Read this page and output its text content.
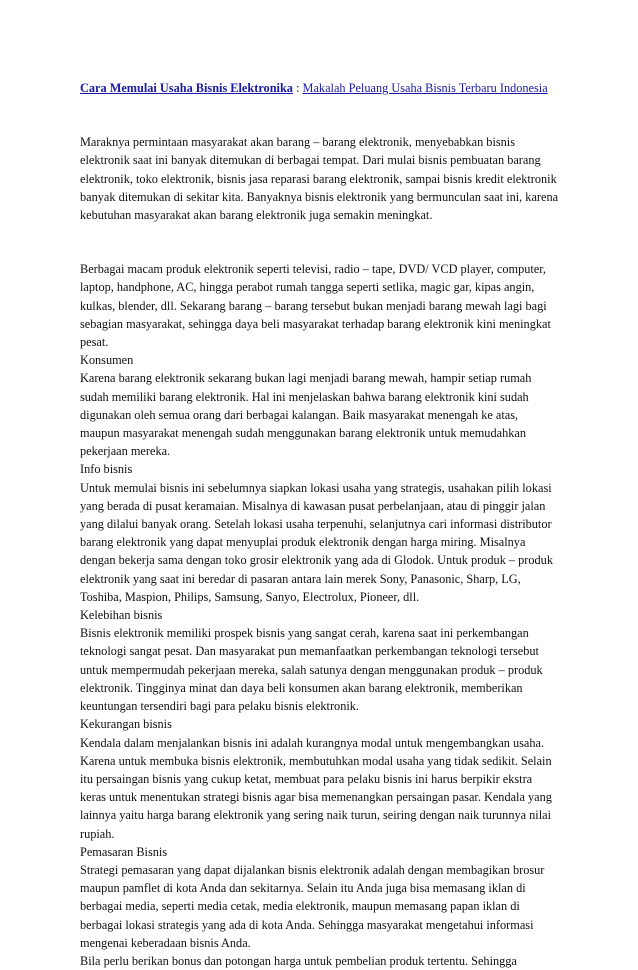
Cara Memulai Usaha Bisnis Elektronika : Makalah Peluang Usaha Bisnis Terbaru Indonesia

Maraknya permintaan masyarakat akan barang – barang elektronik, menyebabkan bisnis elektronik saat ini banyak ditemukan di berbagai tempat. Dari mulai bisnis pembuatan barang elektronik, toko elektronik, bisnis jasa reparasi barang elektronik, sampai bisnis kredit elektronik banyak ditemukan di sekitar kita. Banyaknya bisnis elektronik yang bermunculan saat ini, karena kebutuhan masyarakat akan barang elektronik juga semakin meningkat.

Berbagai macam produk elektronik seperti televisi, radio – tape, DVD/ VCD player, computer, laptop, handphone, AC, hingga perabot rumah tangga seperti setlika, magic gar, kipas angin, kulkas, blender, dll. Sekarang barang – barang tersebut bukan menjadi barang mewah lagi bagi sebagian masyarakat, sehingga daya beli masyarakat terhadap barang elektronik kini meningkat pesat.

Konsumen

Karena barang elektronik sekarang bukan lagi menjadi barang mewah, hampir setiap rumah sudah memiliki barang elektronik. Hal ini menjelaskan bahwa barang elektronik kini sudah digunakan oleh semua orang dari berbagai kalangan. Baik masyarakat menengah ke atas, maupun masyarakat menengah sudah menggunakan barang elektronik untuk memudahkan pekerjaan mereka.

Info bisnis

Untuk memulai bisnis ini sebelumnya siapkan lokasi usaha yang strategis, usahakan pilih lokasi yang berada di pusat keramaian. Misalnya di kawasan pusat perbelanjaan, atau di pinggir jalan yang dilalui banyak orang. Setelah lokasi usaha terpenuhi, selanjutnya cari informasi distributor barang elektronik yang dapat menyuplai produk elektronik dengan harga miring. Misalnya dengan bekerja sama dengan toko grosir elektronik yang ada di Glodok. Untuk produk – produk elektronik yang saat ini beredar di pasaran antara lain merek Sony, Panasonic, Sharp, LG, Toshiba, Maspion, Philips, Samsung, Sanyo, Electrolux, Pioneer, dll.

Kelebihan bisnis

Bisnis elektronik memiliki prospek bisnis yang sangat cerah, karena saat ini perkembangan teknologi sangat pesat. Dan masyarakat pun memanfaatkan perkembangan teknologi tersebut untuk mempermudah pekerjaan mereka, salah satunya dengan menggunakan produk – produk elektronik. Tingginya minat dan daya beli konsumen akan barang elektronik, memberikan keuntungan tersendiri bagi para pelaku bisnis elektronik.

Kekurangan bisnis

Kendala dalam menjalankan bisnis ini adalah kurangnya modal untuk mengembangkan usaha. Karena untuk membuka bisnis elektronik, membutuhkan modal usaha yang tidak sedikit. Selain itu persaingan bisnis yang cukup ketat, membuat para pelaku bisnis ini harus berpikir ekstra keras untuk menentukan strategi bisnis agar bisa memenangkan persaingan pasar. Kendala yang lainnya yaitu harga barang elektronik yang sering naik turun, seiring dengan naik turunnya nilai rupiah.

Pemasaran Bisnis

Strategi pemasaran yang dapat dijalankan bisnis elektronik adalah dengan membagikan brosur maupun pamflet di kota Anda dan sekitarnya. Selain itu Anda juga bisa memasang iklan di berbagai media, seperti media cetak, media elektronik, maupun memasang papan iklan di berbagai lokasi strategis yang ada di kota Anda. Sehingga masyarakat mengetahui informasi mengenai keberadaan bisnis Anda.

Bila perlu berikan bonus dan potongan harga untuk pembelian produk tertentu. Sehingga
